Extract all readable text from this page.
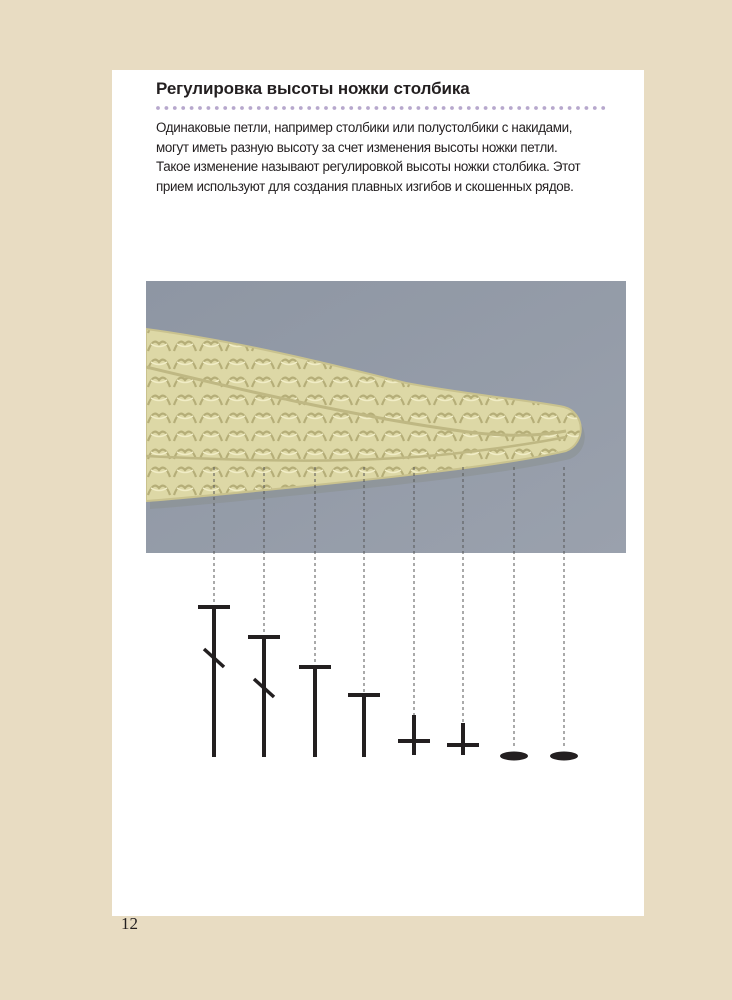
Регулировка высоты ножки столбика
Одинаковые петли, например столбики или полустолбики с накидами,
могут иметь разную высоту за счет изменения высоты ножки петли.
Такое изменение называют регулировкой высоты ножки столбика. Этот
прием используют для создания плавных изгибов и скошенных рядов.
12
